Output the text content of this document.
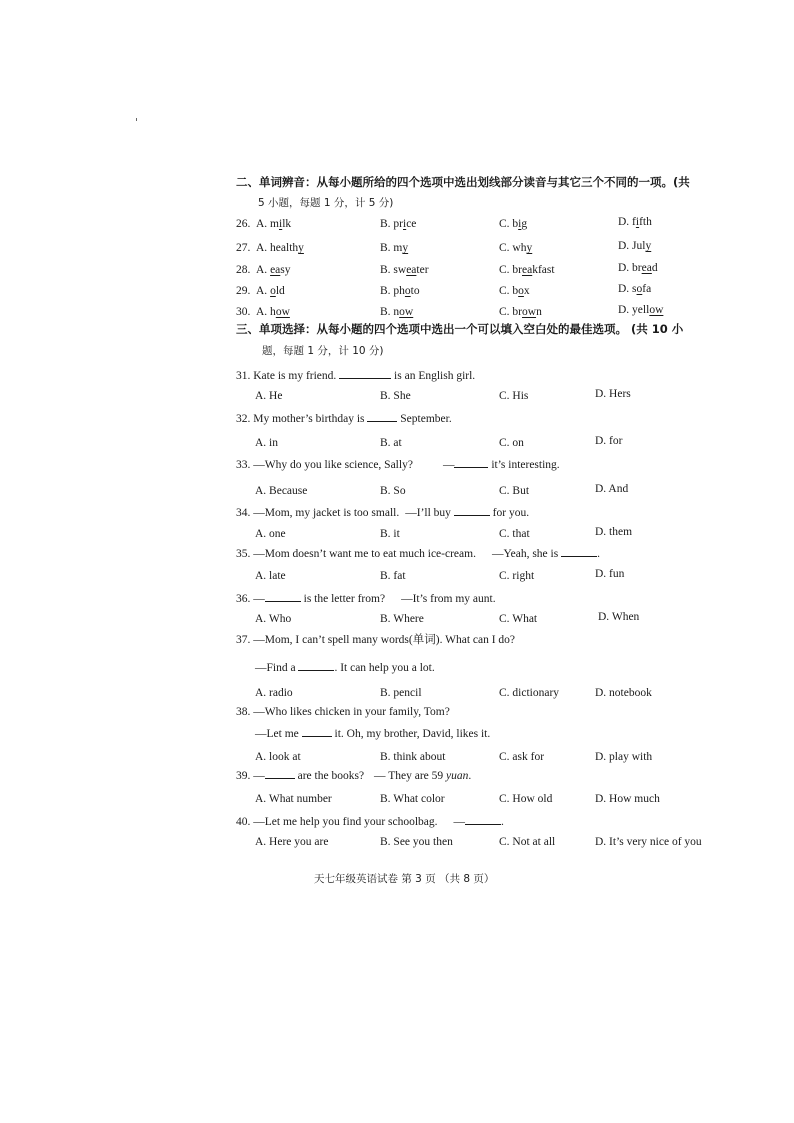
二、单词辨音：从每小题所给的四个选项中选出划线部分读音与其它三个不同的一项。(共
5 小题，每题 1 分，计 5 分)
26. A. milk	B. price	C. big	D. fifth
27. A. healthy	B. my	C. why	D. July
28. A. easy	B. sweater	C. breakfast	D. bread
29. A. old	B. photo	C. box	D. sofa
30. A. how	B. now	C. brown	D. yellow
三、单项选择：从每小题的四个选项中选出一个可以填入空白处的最佳选项。 (共 10 小
题，每题 1 分，计 10 分)
31. Kate is my friend.	is an English girl.
A. He	B. She	C. His	D. Hers
32. My mother’s birthday is	September.
A. in	B. at	C. on	D. for
33. —Why do you like science, Sally?	—	it’s interesting.
A. Because	B. So	C. But	D. And
34. —Mom, my jacket is too small. —I’ll buy	for you.
A. one	B. it	C. that	D. them
35. —Mom doesn’t want me to eat much ice-cream. —Yeah, she is	.
A. late	B. fat	C. right	D. fun
36. —	is the letter from? —It’s from my aunt.
A. Who	B. Where	C. What	D. When
37. —Mom, I can’t spell many words(单词). What can I do?
—Find a	. It can help you a lot.
A. radio	B. pencil	C. dictionary	D. notebook
38. —Who likes chicken in your family, Tom?
—Let me	it. Oh, my brother, David, likes it.
A. look at	B. think about	C. ask for	D. play with
39. —	are the books? — They are 59 yuan.
A. What number	B. What color	C. How old	D. How much
40. —Let me help you find your schoolbag. —	.
A. Here you are	B. See you then	C. Not at all	D. It’s very nice of you
天七年级英语试卷 第 3 页 （共 8 页）
